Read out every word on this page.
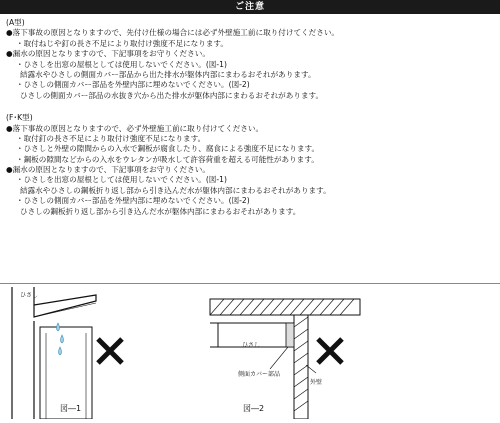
ご注意
(A型)
●落下事故の原因となりますので、先付け仕様の場合には必ず外壁施工前に取り付けてください。
・取付ねじや釘の長さ不足により取付け強度不足になります。
●漏水の原因となりますので、下記事項をお守りください。
・ひさしを出窓の屋根としては使用しないでください。(図-1)
結露水やひさしの側面カバー部品から出た排水が躯体内部にまわるおそれがあります。
・ひさしの側面カバー部品を外壁内部に埋めないでください。(図-2)
ひさしの側面カバー部品の水抜き穴から出た排水が躯体内部にまわるおそれがあります。
(F･K型)
●落下事故の原因となりますので、必ず外壁施工前に取り付けてください。
・取付釘の長さ不足により取付け強度不足になります。
・ひさしと外壁の隙間からの入水で鋼板が腐食したり、腐食による強度不足になります。
・鋼板の隙間などからの入水をウレタンが吸水して許容荷重を超える可能性があります。
●漏水の原因となりますので、下記事項をお守りください。
・ひさしを出窓の屋根としては使用しないでください。(図-1)
結露水やひさしの鋼板折り返し部から引き込んだ水が躯体内部にまわるおそれがあります。
・ひさしの側面カバー部品を外壁内部に埋めないでください。(図-2)
ひさしの鋼板折り返し部から引き込んだ水が躯体内部にまわるおそれがあります。
ひさし
図―1
ひさし
側面カバー部品
外壁
図―2
